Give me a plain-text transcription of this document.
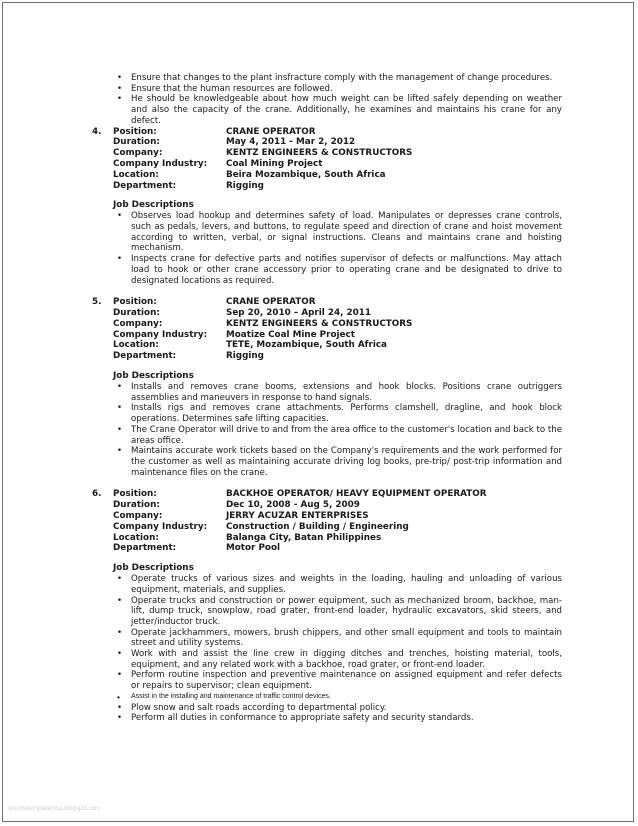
• Ensure that changes to the plant insfracture comply with the management of change procedures.
• Ensure that the human resources are followed.
• He should be knowledgeable about how much weight can be lifted safely depending on weather and also the capacity of the crane. Additionally, he examines and maintains his crane for any defect.
4. Position:	CRANE OPERATOR
Duration:	May 4, 2011 - Mar 2, 2012
Company:	KENTZ ENGINEERS & CONSTRUCTORS
Company Industry: Coal Mining Project
Location:	Beira Mozambique, South Africa
Department:	Rigging
Job Descriptions
• Observes load hookup and determines safety of load. Manipulates or depresses crane controls, such as pedals, levers, and buttons, to regulate speed and direction of crane and hoist movement according to written, verbal, or signal instructions. Cleans and maintains crane and hoisting mechanism.
• Inspects crane for defective parts and notifies supervisor of defects or malfunctions. May attach load to hook or other crane accessory prior to operating crane and be designated to drive to designated locations as required.
5. Position:	CRANE OPERATOR
Duration:	Sep 20, 2010 – April 24, 2011
Company:	KENTZ ENGINEERS & CONSTRUCTORS
Company Industry: Moatize Coal Mine Project
Location:	TETE, Mozambique, South Africa
Department:	Rigging
Job Descriptions
• Installs and removes crane booms, extensions and hook blocks. Positions crane outriggers assemblies and maneuvers in response to hand signals.
• Installs rigs and removes crane attachments. Performs clamshell, dragline, and hook block operations. Determines safe lifting capacities.
• The Crane Operator will drive to and from the area office to the customer's location and back to the areas office.
• Maintains accurate work tickets based on the Company's requirements and the work performed for the customer as well as maintaining accurate driving log books, pre-trip/ post-trip information and maintenance files on the crane.
6. Position:	BACKHOE OPERATOR/ HEAVY EQUIPMENT OPERATOR
Duration:	Dec 10, 2008 - Aug 5, 2009
Company:	JERRY ACUZAR ENTERPRISES
Company Industry: Construction / Building / Engineering
Location:	Balanga City, Batan Philippines
Department:	Motor Pool
Job Descriptions
• Operate trucks of various sizes and weights in the loading, hauling and unloading of various equipment, materials, and supplies.
• Operate trucks and construction or power equipment, such as mechanized broom, backhoe, man-lift, dump truck, snowplow, road grater, front-end loader, hydraulic excavators, skid steers, and jetter/inductor truck.
• Operate jackhammers, mowers, brush chippers, and other small equipment and tools to maintain street and utility systems.
• Work with and assist the line crew in digging ditches and trenches, hoisting material, tools, equipment, and any related work with a backhoe, road grater, or front-end loader.
• Perform routine inspection and preventive maintenance on assigned equipment and refer defects or repairs to supervisor; clean equipment.
• Assist in the installing and maintenance of traffic control devices.
• Plow snow and salt roads according to departmental policy.
• Perform all duties in conformance to appropriate safety and security standards.
resumetemplatehrsa.blogspot.com
